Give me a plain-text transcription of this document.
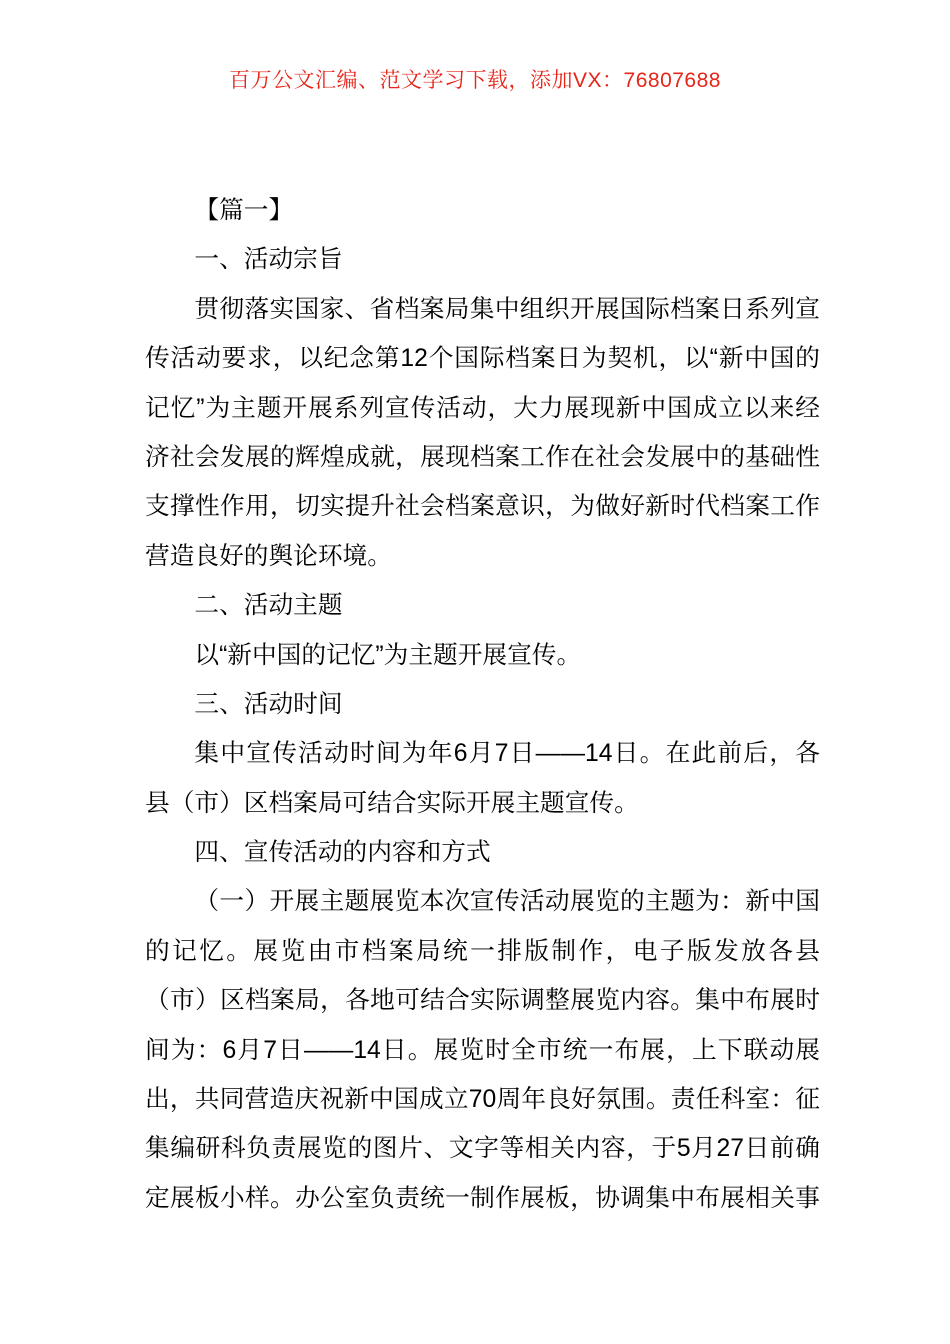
百万公文汇编、范文学习下载，添加VX：76807688
【篇一】
一、活动宗旨
贯彻落实国家、省档案局集中组织开展国际档案日系列宣
传活动要求，以纪念第12个国际档案日为契机，以“新中国的
记忆”为主题开展系列宣传活动，大力展现新中国成立以来经
济社会发展的辉煌成就，展现档案工作在社会发展中的基础性
支撑性作用，切实提升社会档案意识，为做好新时代档案工作
营造良好的舆论环境。
二、活动主题
以“新中国的记忆”为主题开展宣传。
三、活动时间
集中宣传活动时间为年6月7日——14日。在此前后，各
县（市）区档案局可结合实际开展主题宣传。
四、宣传活动的内容和方式
（一）开展主题展览本次宣传活动展览的主题为：新中国
的记忆。展览由市档案局统一排版制作，电子版发放各县
（市）区档案局，各地可结合实际调整展览内容。集中布展时
间为：6月7日——14日。展览时全市统一布展，上下联动展
出，共同营造庆祝新中国成立70周年良好氛围。责任科室：征
集编研科负责展览的图片、文字等相关内容，于5月27日前确
定展板小样。办公室负责统一制作展板，协调集中布展相关事
